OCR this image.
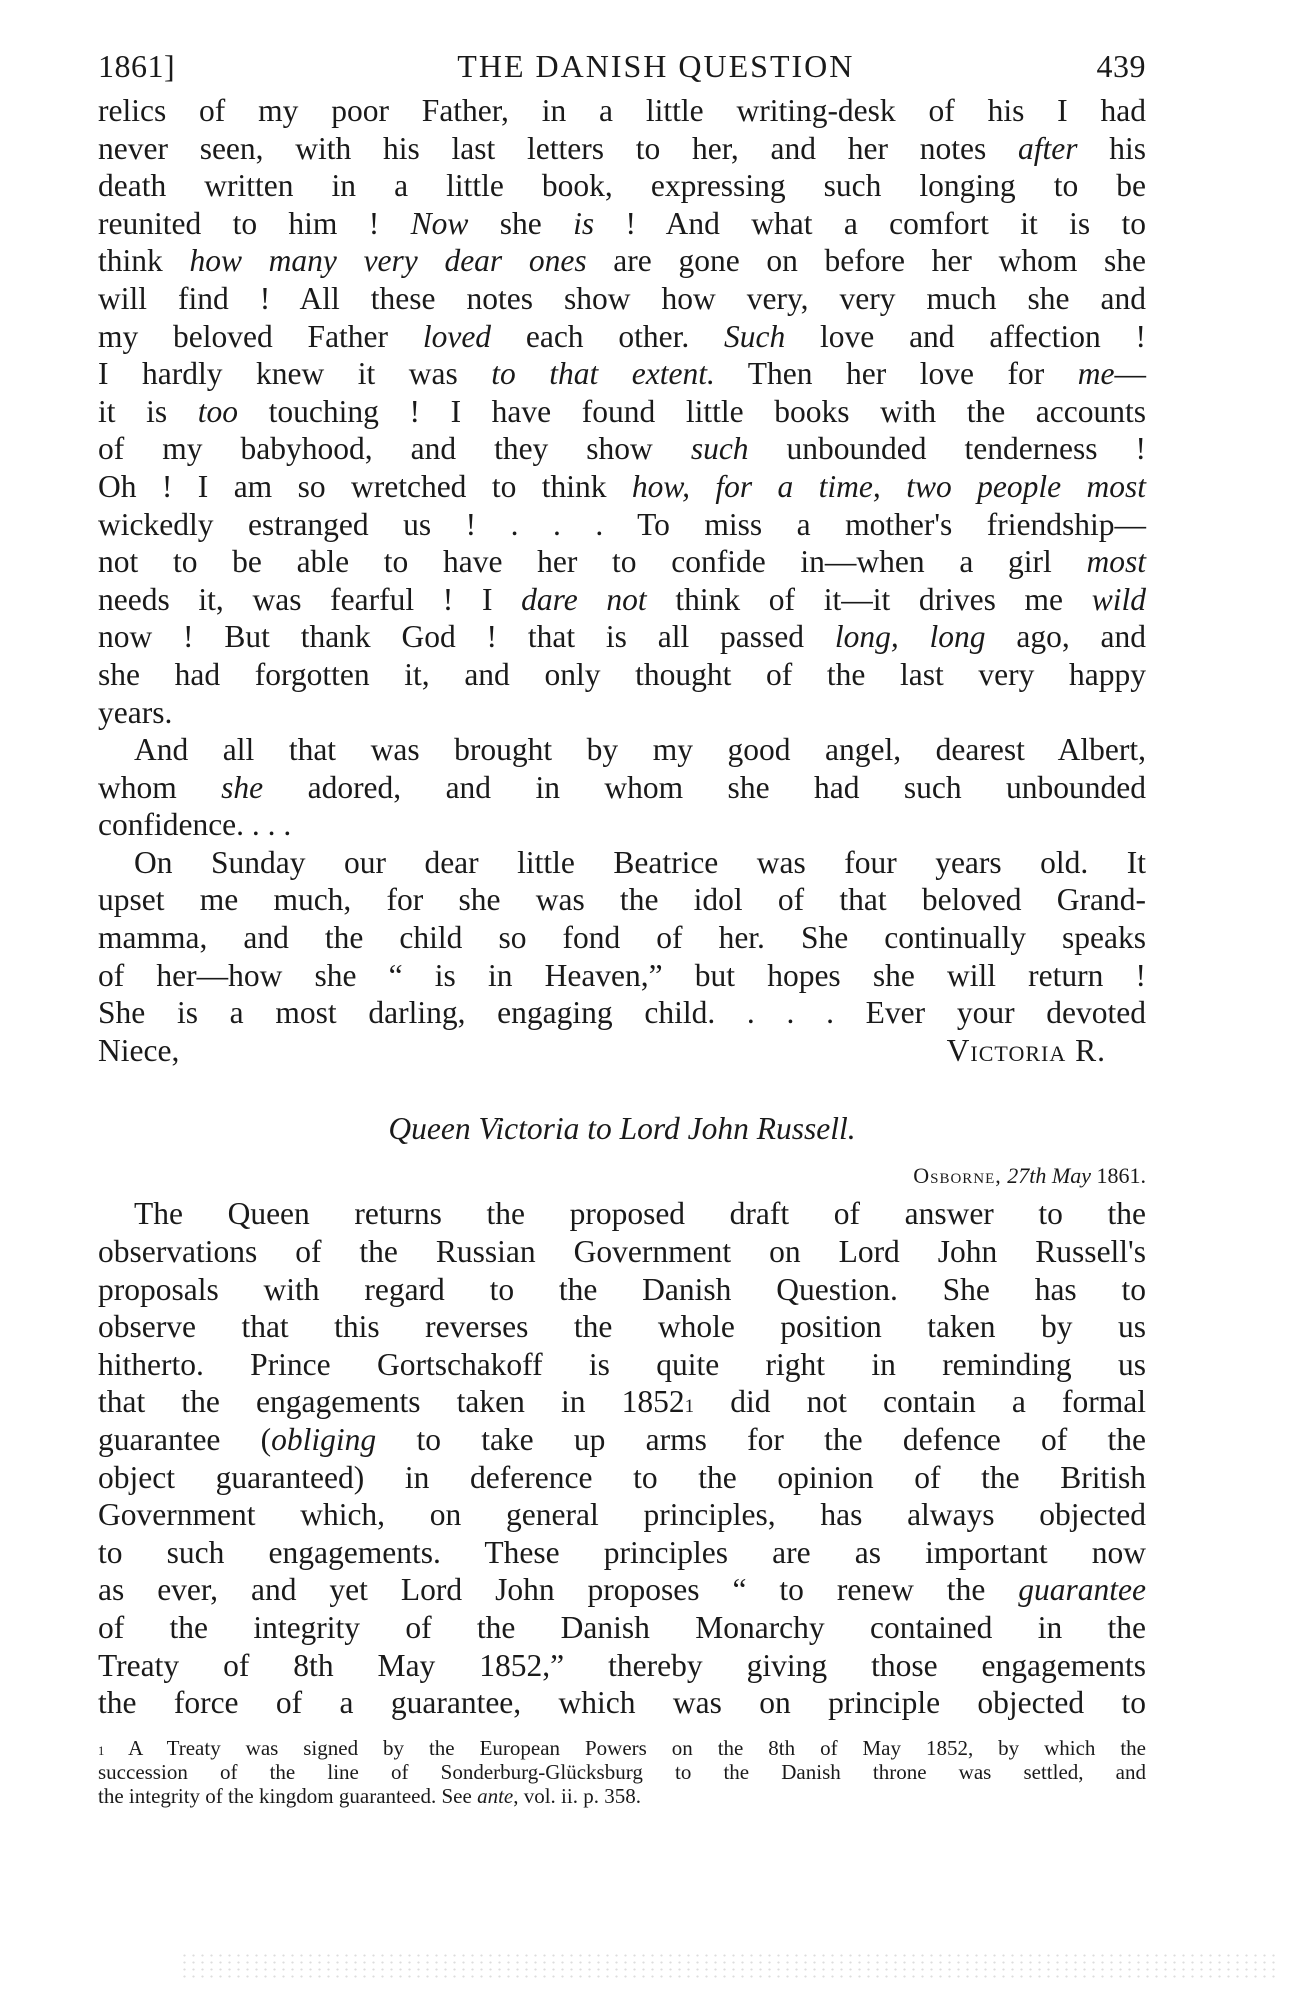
1861]	THE DANISH QUESTION	439

relics of my poor Father, in a little writing-desk of his I had
never seen, with his last letters to her, and her notes after his
death written in a little book, expressing such longing to be
reunited to him ! Now she is ! And what a comfort it is to
think how many very dear ones are gone on before her whom she
will find ! All these notes show how very, very much she and
my beloved Father loved each other. Such love and affection !
I hardly knew it was to that extent. Then her love for me—
it is too touching ! I have found little books with the accounts
of my babyhood, and they show such unbounded tenderness !
Oh ! I am so wretched to think how, for a time, two people most
wickedly estranged us ! . . . To miss a mother's friendship—
not to be able to have her to confide in—when a girl most
needs it, was fearful ! I dare not think of it—it drives me wild
now ! But thank God ! that is all passed long, long ago, and
she had forgotten it, and only thought of the last very happy
years.

And all that was brought by my good angel, dearest Albert,
whom she adored, and in whom she had such unbounded
confidence. . . .

On Sunday our dear little Beatrice was four years old. It
upset me much, for she was the idol of that beloved Grand-
mamma, and the child so fond of her. She continually speaks
of her—how she “ is in Heaven,” but hopes she will return !
She is a most darling, engaging child. . . . Ever your devoted
Niece,	Victoria R.

Queen Victoria to Lord John Russell.
Osborne, 27th May 1861.

The Queen returns the proposed draft of answer to the
observations of the Russian Government on Lord John Russell's
proposals with regard to the Danish Question. She has to
observe that this reverses the whole position taken by us
hitherto. Prince Gortschakoff is quite right in reminding us
that the engagements taken in 1852$^1$ did not contain a formal
guarantee (obliging to take up arms for the defence of the
object guaranteed) in deference to the opinion of the British
Government which, on general principles, has always objected
to such engagements. These principles are as important now
as ever, and yet Lord John proposes “ to renew the guarantee
of the integrity of the Danish Monarchy contained in the
Treaty of 8th May 1852,” thereby giving those engagements
the force of a guarantee, which was on principle objected to

$^1$ A Treaty was signed by the European Powers on the 8th of May 1852, by which the
succession of the line of Sonderburg-Glücksburg to the Danish throne was settled, and
the integrity of the kingdom guaranteed. See ante, vol. ii. p. 358.
